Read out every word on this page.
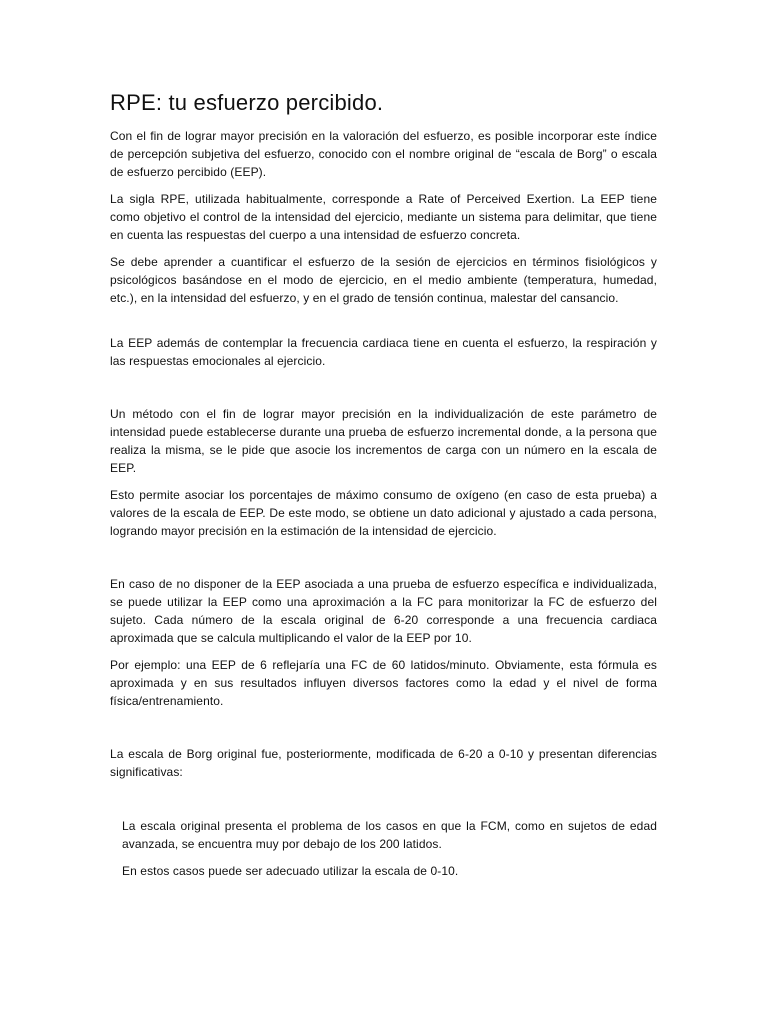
RPE: tu esfuerzo percibido.

Con el fin de lograr mayor precisión en la valoración del esfuerzo, es posible incorporar este índice de percepción subjetiva del esfuerzo, conocido con el nombre original de “escala de Borg” o escala de esfuerzo percibido (EEP).

La sigla RPE, utilizada habitualmente, corresponde a Rate of Perceived Exertion. La EEP tiene como objetivo el control de la intensidad del ejercicio, mediante un sistema para delimitar, que tiene en cuenta las respuestas del cuerpo a una intensidad de esfuerzo concreta.

Se debe aprender a cuantificar el esfuerzo de la sesión de ejercicios en términos fisiológicos y psicológicos basándose en el modo de ejercicio, en el medio ambiente (temperatura, humedad, etc.), en la intensidad del esfuerzo, y en el grado de tensión continua, malestar del cansancio.

La EEP además de contemplar la frecuencia cardiaca tiene en cuenta el esfuerzo, la respiración y las respuestas emocionales al ejercicio.

Un método con el fin de lograr mayor precisión en la individualización de este parámetro de intensidad puede establecerse durante una prueba de esfuerzo incremental donde, a la persona que realiza la misma, se le pide que asocie los incrementos de carga con un número en la escala de EEP.

Esto permite asociar los porcentajes de máximo consumo de oxígeno (en caso de esta prueba) a valores de la escala de EEP. De este modo, se obtiene un dato adicional y ajustado a cada persona, logrando mayor precisión en la estimación de la intensidad de ejercicio.

En caso de no disponer de la EEP asociada a una prueba de esfuerzo específica e individualizada, se puede utilizar la EEP como una aproximación a la FC para monitorizar la FC de esfuerzo del sujeto. Cada número de la escala original de 6-20 corresponde a una frecuencia cardiaca aproximada que se calcula multiplicando el valor de la EEP por 10.

Por ejemplo: una EEP de 6 reflejaría una FC de 60 latidos/minuto. Obviamente, esta fórmula es aproximada y en sus resultados influyen diversos factores como la edad y el nivel de forma física/entrenamiento.

La escala de Borg original fue, posteriormente, modificada de 6-20 a 0-10 y presentan diferencias significativas:

La escala original presenta el problema de los casos en que la FCM, como en sujetos de edad avanzada, se encuentra muy por debajo de los 200 latidos.

En estos casos puede ser adecuado utilizar la escala de 0-10.
